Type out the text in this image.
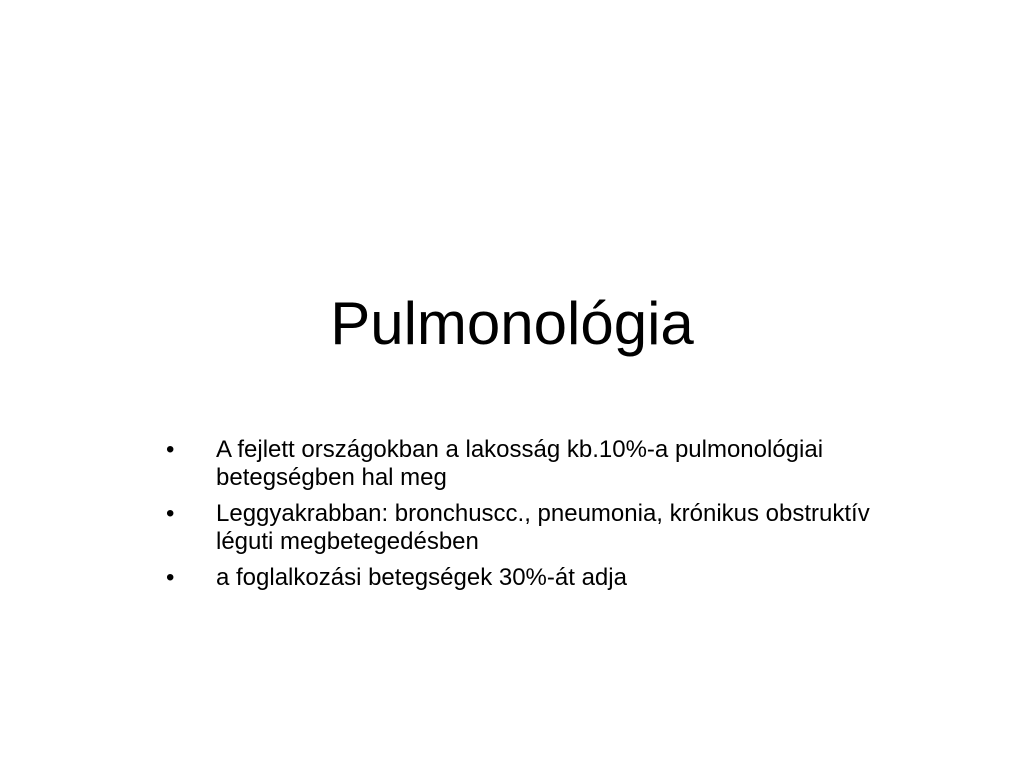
Pulmonológia
• A fejlett országokban a lakosság kb.10%-a pulmonológiai betegségben hal meg
• Leggyakrabban: bronchuscc., pneumonia, krónikus obstruktív léguti megbetegedésben
• a foglalkozási betegségek 30%-át adja
